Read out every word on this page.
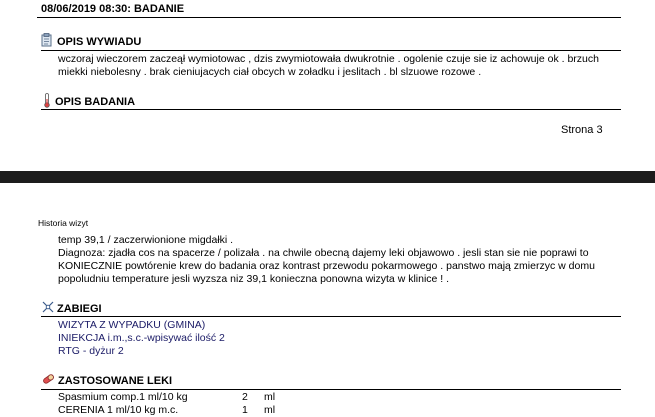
08/06/2019 08:30: BADANIE
OPIS WYWIADU
wczoraj wieczorem zaczeął wymiotowac , dzis zwymiotowała dwukrotnie . ogolenie czuje sie iz achowuje ok . brzuch
miekki niebolesny . brak cieniujacych ciał obcych w zoładku i jeslitach . bl slzuowe rozowe .
OPIS BADANIA
Strona 3
Historia wizyt
temp 39,1 / zaczerwionione migdałki .
Diagnoza: zjadła cos na spacerze / polizała . na chwile obecną dajemy leki objawowo . jesli stan sie nie poprawi to
KONIECZNIE powtórenie krew do badania oraz kontrast przewodu pokarmowego . panstwo mają zmierzyc w domu
popoludniu temperature jesli wyzsza niz 39,1 konieczna ponowna wizyta w klinice ! .
ZABIEGI
WIZYTA Z WYPADKU (GMINA)
INIEKCJA i.m.,s.c.-wpisywać ilość 2
RTG - dyżur 2
ZASTOSOWANE LEKI
Spasmium comp.1 ml/10 kg	2	ml
CERENIA 1 ml/10 kg m.c.	1	ml
